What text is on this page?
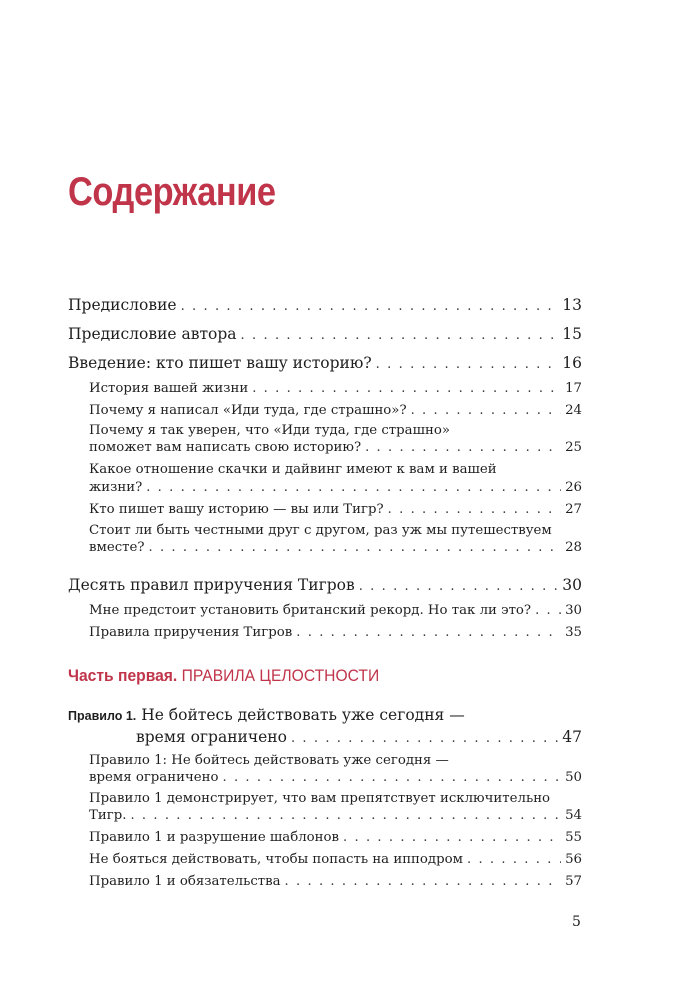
Содержание
Предисловие . . .	13
Предисловие автора . . .	15
Введение: кто пишет вашу историю? . . .	16
История вашей жизни . . .	17
Почему я написал «Иди туда, где страшно»? . . .	24
Почему я так уверен, что «Иди туда, где страшно»
поможет вам написать свою историю? . . .	25
Какое отношение скачки и дайвинг имеют к вам и вашей
жизни? . . .	26
Кто пишет вашу историю — вы или Тигр? . . .	27
Стоит ли быть честными друг с другом, раз уж мы путешествуем
вместе? . . .	28
Десять правил приручения Тигров . . .	30
Мне предстоит установить британский рекорд. Но так ли это? . . .	30
Правила приручения Тигров . . .	35
Часть первая. ПРАВИЛА ЦЕЛОСТНОСТИ
Правило 1. Не бойтесь действовать уже сегодня —
время ограничено . . .	47
Правило 1: Не бойтесь действовать уже сегодня —
время ограничено . . .	50
Правило 1 демонстрирует, что вам препятствует исключительно
Тигр. . . .	54
Правило 1 и разрушение шаблонов . . .	55
Не бояться действовать, чтобы попасть на ипподром . . .	56
Правило 1 и обязательства . . .	57
5
